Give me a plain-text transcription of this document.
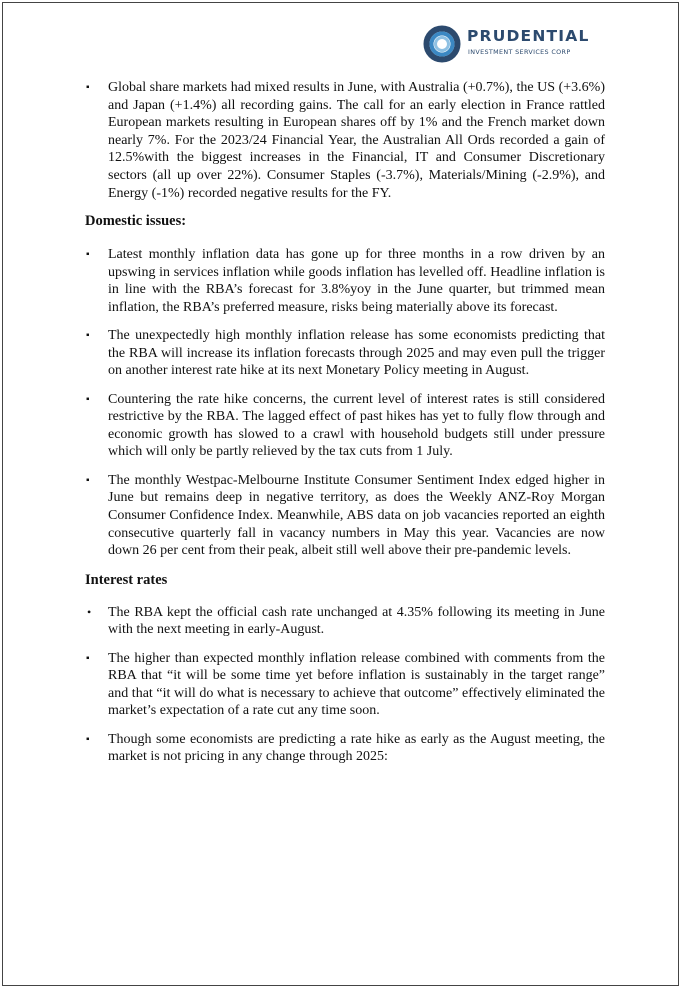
PRUDENTIAL
INVESTMENT SERVICES CORP
▪ Global share markets had mixed results in June, with Australia (+0.7%), the US (+3.6%) and Japan (+1.4%) all recording gains. The call for an early election in France rattled European markets resulting in European shares off by 1% and the French market down nearly 7%. For the 2023/24 Financial Year, the Australian All Ords recorded a gain of 12.5%with the biggest increases in the Financial, IT and Consumer Discretionary sectors (all up over 22%). Consumer Staples (-3.7%), Materials/Mining (-2.9%), and Energy (-1%) recorded negative results for the FY.
Domestic issues:
▪ Latest monthly inflation data has gone up for three months in a row driven by an upswing in services inflation while goods inflation has levelled off. Headline inflation is in line with the RBA’s forecast for 3.8%yoy in the June quarter, but trimmed mean inflation, the RBA’s preferred measure, risks being materially above its forecast.
▪ The unexpectedly high monthly inflation release has some economists predicting that the RBA will increase its inflation forecasts through 2025 and may even pull the trigger on another interest rate hike at its next Monetary Policy meeting in August.
▪ Countering the rate hike concerns, the current level of interest rates is still considered restrictive by the RBA. The lagged effect of past hikes has yet to fully flow through and economic growth has slowed to a crawl with household budgets still under pressure which will only be partly relieved by the tax cuts from 1 July.
▪ The monthly Westpac-Melbourne Institute Consumer Sentiment Index edged higher in June but remains deep in negative territory, as does the Weekly ANZ-Roy Morgan Consumer Confidence Index. Meanwhile, ABS data on job vacancies reported an eighth consecutive quarterly fall in vacancy numbers in May this year. Vacancies are now down 26 per cent from their peak, albeit still well above their pre-pandemic levels.
Interest rates
• The RBA kept the official cash rate unchanged at 4.35% following its meeting in June with the next meeting in early-August.
▪ The higher than expected monthly inflation release combined with comments from the RBA that “it will be some time yet before inflation is sustainably in the target range” and that “it will do what is necessary to achieve that outcome” effectively eliminated the market’s expectation of a rate cut any time soon.
▪ Though some economists are predicting a rate hike as early as the August meeting, the market is not pricing in any change through 2025:
